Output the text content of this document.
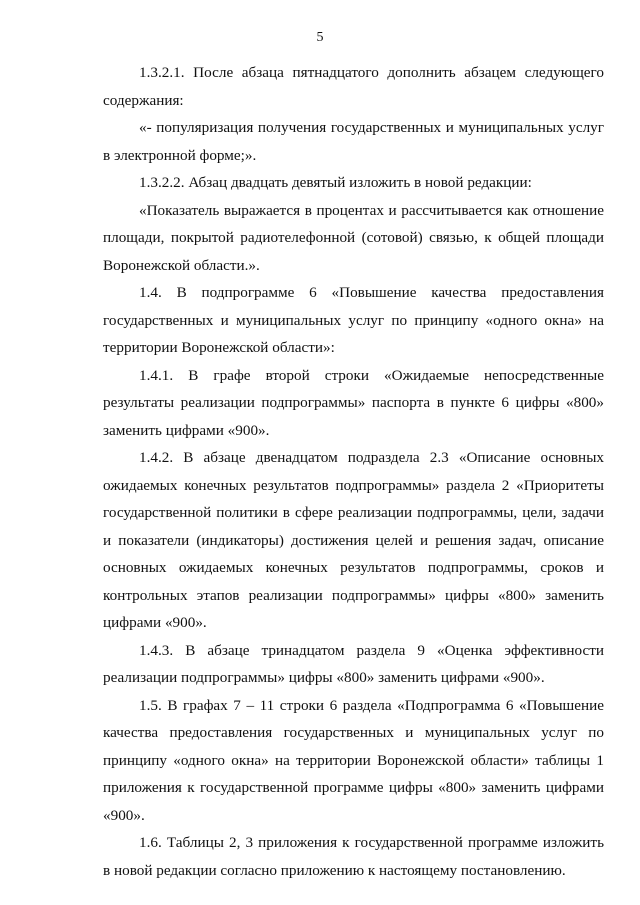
5

1.3.2.1. После абзаца пятнадцатого дополнить абзацем следующего содержания:

«- популяризация получения государственных и муниципальных услуг в электронной форме;».

1.3.2.2. Абзац двадцать девятый изложить в новой редакции:

«Показатель выражается в процентах и рассчитывается как отношение площади, покрытой радиотелефонной (сотовой) связью, к общей площади Воронежской области.».

1.4. В подпрограмме 6 «Повышение качества предоставления государственных и муниципальных услуг по принципу «одного окна» на территории Воронежской области»:

1.4.1. В графе второй строки «Ожидаемые непосредственные результаты реализации подпрограммы» паспорта в пункте 6 цифры «800» заменить цифрами «900».

1.4.2. В абзаце двенадцатом подраздела 2.3 «Описание основных ожидаемых конечных результатов подпрограммы» раздела 2 «Приоритеты государственной политики в сфере реализации подпрограммы, цели, задачи и показатели (индикаторы) достижения целей и решения задач, описание основных ожидаемых конечных результатов подпрограммы, сроков и контрольных этапов реализации подпрограммы» цифры «800» заменить цифрами «900».

1.4.3. В абзаце тринадцатом раздела 9 «Оценка эффективности реализации подпрограммы» цифры «800» заменить цифрами «900».

1.5. В графах 7 – 11 строки 6 раздела «Подпрограмма 6 «Повышение качества предоставления государственных и муниципальных услуг по принципу «одного окна» на территории Воронежской области» таблицы 1 приложения к государственной программе цифры «800» заменить цифрами «900».

1.6. Таблицы 2, 3 приложения к государственной программе изложить в новой редакции согласно приложению к настоящему постановлению.
